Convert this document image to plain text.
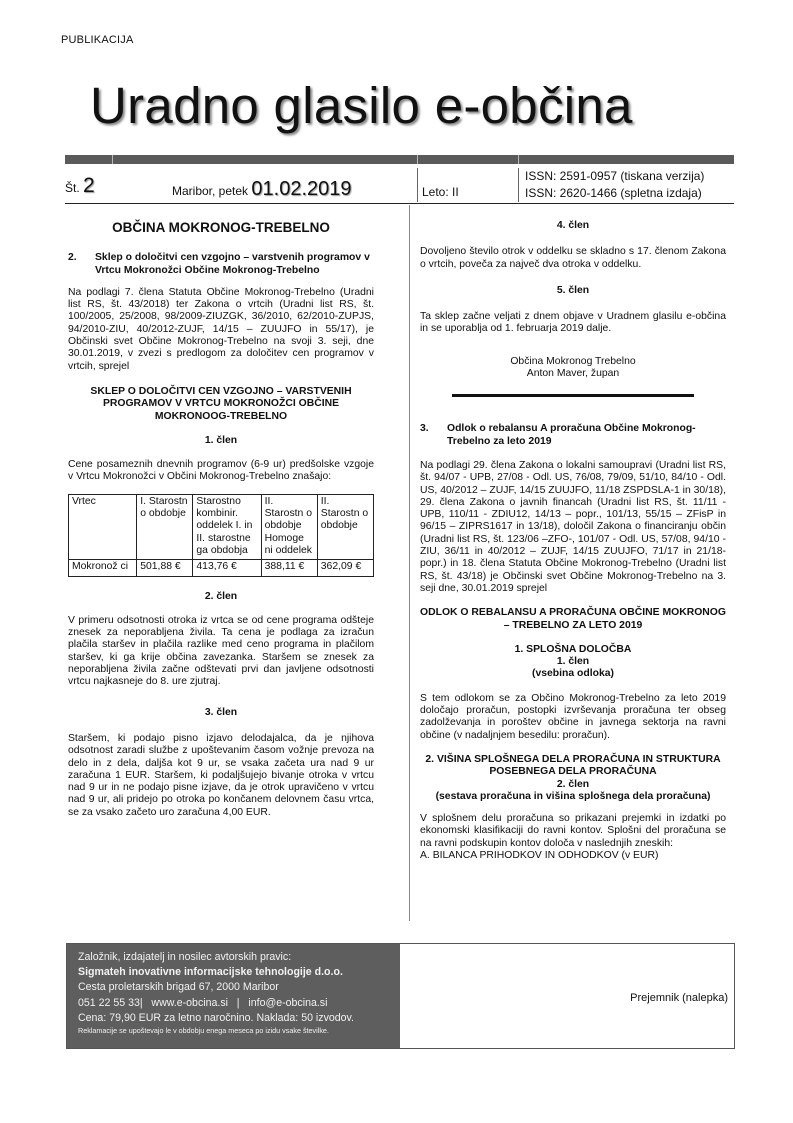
PUBLIKACIJA
Uradno glasilo e-občina
Št. 2	Maribor, petek 01.02.2019	Leto: II
ISSN: 2591-0957 (tiskana verzija)
ISSN: 2620-1466 (spletna izdaja)
OBČINA MOKRONOG-TREBELNO
2.	Sklep o določitvi cen vzgojno – varstvenih programov v Vrtcu Mokronožci Občine Mokronog-Trebelno

Na podlagi 7. člena Statuta Občine Mokronog-Trebelno (Uradni list RS, št. 43/2018) ter Zakona o vrtcih (Uradni list RS, št. 100/2005, 25/2008, 98/2009-ZIUZGK, 36/2010, 62/2010-ZUPJS, 94/2010-ZIU, 40/2012-ZUJF, 14/15 – ZUUJFO in 55/17), je Občinski svet Občine Mokronog-Trebelno na svoji 3. seji, dne 30.01.2019, v zvezi s predlogom za določitev cen programov v vrtcih, sprejel

SKLEP O DOLOČITVI CEN VZGOJNO – VARSTVENIH PROGRAMOV V VRTCU MOKRONOŽCI OBČINE MOKRONOOG-TREBELNO
1. člen

Cene posameznih dnevnih programov (6-9 ur) predšolske vzgoje v Vrtcu Mokronožci v Občini Mokronog-Trebelno znašajo:

Vrtec	I. Starostn o obdobje	Starostno kombinir. oddelek I. in II. starostne ga obdobja	II. Starostn o obdobje Homoge ni oddelek	II. Starostn o obdobje
Mokronož ci	501,88 €	413,76 €	388,11 €	362,09 €
2. člen

V primeru odsotnosti otroka iz vrtca se od cene programa odšteje znesek za neporabljena živila. Ta cena je podlaga za izračun plačila staršev in plačila razlike med ceno programa in plačilom staršev, ki ga krije občina zavezanka. Staršem se znesek za neporabljena živila začne odštevati prvi dan javljene odsotnosti vrtcu najkasneje do 8. ure zjutraj.

3. člen

Staršem, ki podajo pisno izjavo delodajalca, da je njihova odsotnost zaradi službe z upoštevanim časom vožnje prevoza na delo in z dela, daljša kot 9 ur, se vsaka začeta ura nad 9 ur zaračuna 1 EUR. Staršem, ki podaljšujejo bivanje otroka v vrtcu nad 9 ur in ne podajo pisne izjave, da je otrok upravičeno v vrtcu nad 9 ur, ali pridejo po otroka po končanem delovnem času vrtca, se za vsako začeto uro zaračuna 4,00 EUR.

4. člen

Dovoljeno število otrok v oddelku se skladno s 17. členom Zakona o vrtcih, poveča za največ dva otroka v oddelku.

5. člen

Ta sklep začne veljati z dnem objave v Uradnem glasilu e-občina in se uporablja od 1. februarja 2019 dalje.

Občina Mokronog Trebelno
Anton Maver, župan
3.	Odlok o rebalansu A proračuna Občine Mokronog-Trebelno za leto 2019

Na podlagi 29. člena Zakona o lokalni samoupravi (Uradni list RS, št. 94/07 - UPB, 27/08 - Odl. US, 76/08, 79/09, 51/10, 84/10 - Odl. US, 40/2012 – ZUJF, 14/15 ZUUJFO, 11/18 ZSPDSLA-1 in 30/18), 29. člena Zakona o javnih financah (Uradni list RS, št. 11/11 - UPB, 110/11 - ZDIU12, 14/13 – popr., 101/13, 55/15 – ZFisP in 96/15 – ZIPRS1617 in 13/18), določil Zakona o financiranju občin (Uradni list RS, št. 123/06 –ZFO-, 101/07 - Odl. US, 57/08, 94/10 - ZIU, 36/11 in 40/2012 – ZUJF, 14/15 ZUUJFO, 71/17 in 21/18-popr.) in 18. člena Statuta Občine Mokronog-Trebelno (Uradni list RS, št. 43/18) je Občinski svet Občine Mokronog-Trebelno na 3. seji dne, 30.01.2019 sprejel

ODLOK O REBALANSU A PRORAČUNA OBČINE MOKRONOG – TREBELNO ZA LETO 2019
1. SPLOŠNA DOLOČBA
1. člen
(vsebina odloka)

S tem odlokom se za Občino Mokronog-Trebelno za leto 2019 določajo proračun, postopki izvrševanja proračuna ter obseg zadolževanja in poroštev občine in javnega sektorja na ravni občine (v nadaljnjem besedilu: proračun).

2. VIŠINA SPLOŠNEGA DELA PRORAČUNA IN STRUKTURA POSEBNEGA DELA PRORAČUNA
2. člen
(sestava proračuna in višina splošnega dela proračuna)

V splošnem delu proračuna so prikazani prejemki in izdatki po ekonomski klasifikaciji do ravni kontov. Splošni del proračuna se na ravni podskupin kontov določa v naslednjih zneskih:

A. BILANCA PRIHODKOV IN ODHODKOV (v EUR)
Založnik, izdajatelj in nosilec avtorskih pravic:
Sigmateh inovativne informacijske tehnologije d.o.o.
Cesta proletarskih brigad 67, 2000 Maribor
051 22 55 33|   www.e-obcina.si   |   info@e-obcina.si
Cena: 79,90 EUR za letno naročnino. Naklada: 50 izvodov.
Reklamacije se upoštevajo le v obdobju enega meseca po izidu vsake številke.
Prejemnik (nalepka)
